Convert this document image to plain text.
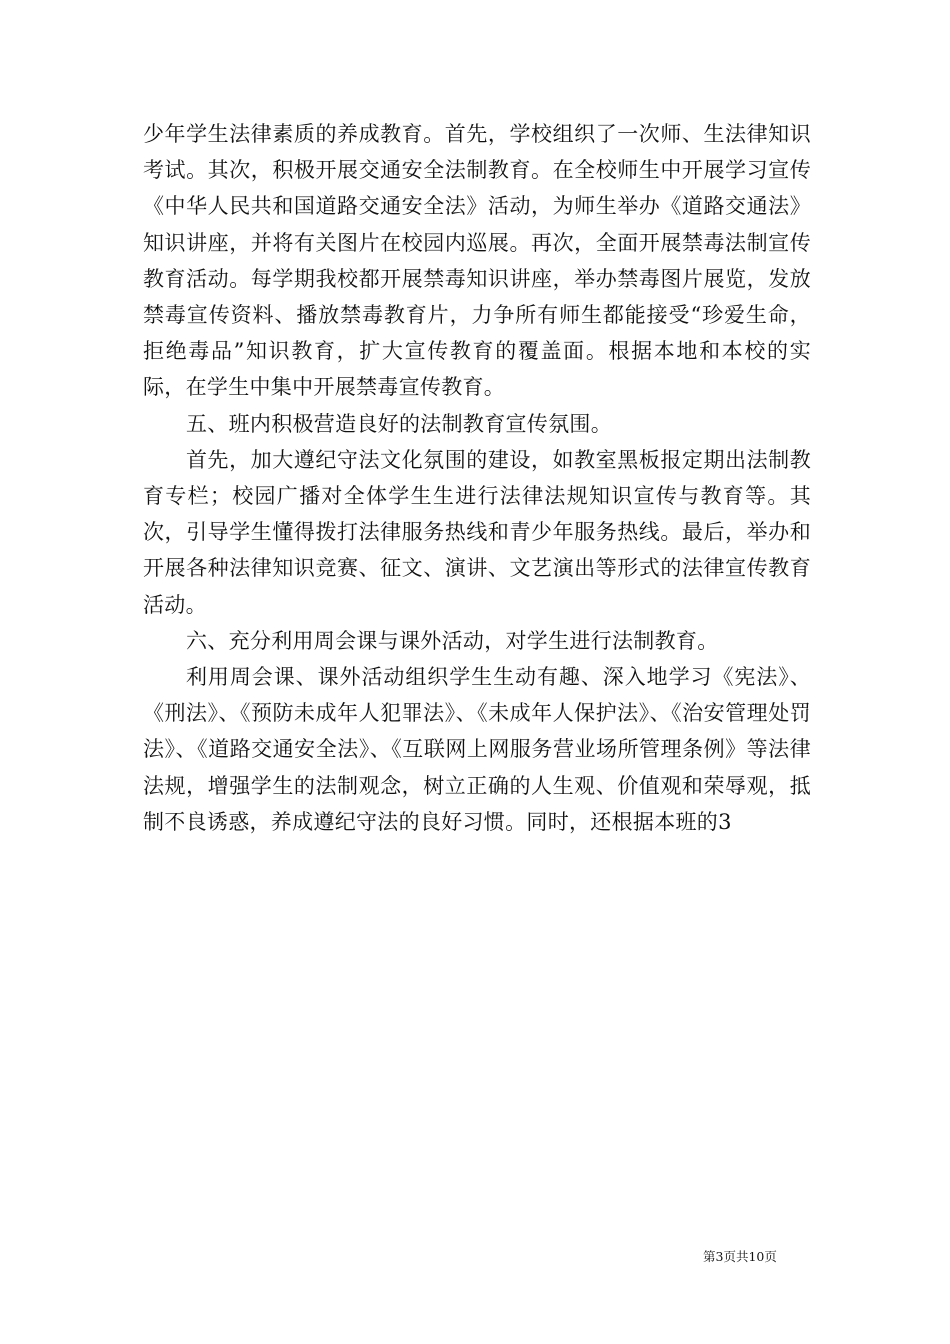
少年学生法律素质的养成教育。首先，学校组织了一次师、生法律知识考试。其次，积极开展交通安全法制教育。在全校师生中开展学习宣传《中华人民共和国道路交通安全法》活动，为师生举办《道路交通法》知识讲座，并将有关图片在校园内巡展。再次，全面开展禁毒法制宣传教育活动。每学期我校都开展禁毒知识讲座，举办禁毒图片展览，发放禁毒宣传资料、播放禁毒教育片，力争所有师生都能接受“珍爱生命，拒绝毒品”知识教育，扩大宣传教育的覆盖面。根据本地和本校的实际，在学生中集中开展禁毒宣传教育。

五、班内积极营造良好的法制教育宣传氛围。

首先，加大遵纪守法文化氛围的建设，如教室黑板报定期出法制教育专栏；校园广播对全体学生生进行法律法规知识宣传与教育等。其次，引导学生懂得拨打法律服务热线和青少年服务热线。最后，举办和开展各种法律知识竞赛、征文、演讲、文艺演出等形式的法律宣传教育活动。

六、充分利用周会课与课外活动，对学生进行法制教育。

利用周会课、课外活动组织学生生动有趣、深入地学习《宪法》、《刑法》、《预防未成年人犯罪法》、《未成年人保护法》、《治安管理处罚法》、《道路交通安全法》、《互联网上网服务营业场所管理条例》等法律法规，增强学生的法制观念，树立正确的人生观、价值观和荣辱观，抵制不良诱惑，养成遵纪守法的良好习惯。同时，还根据本班的3

第3页共10页
